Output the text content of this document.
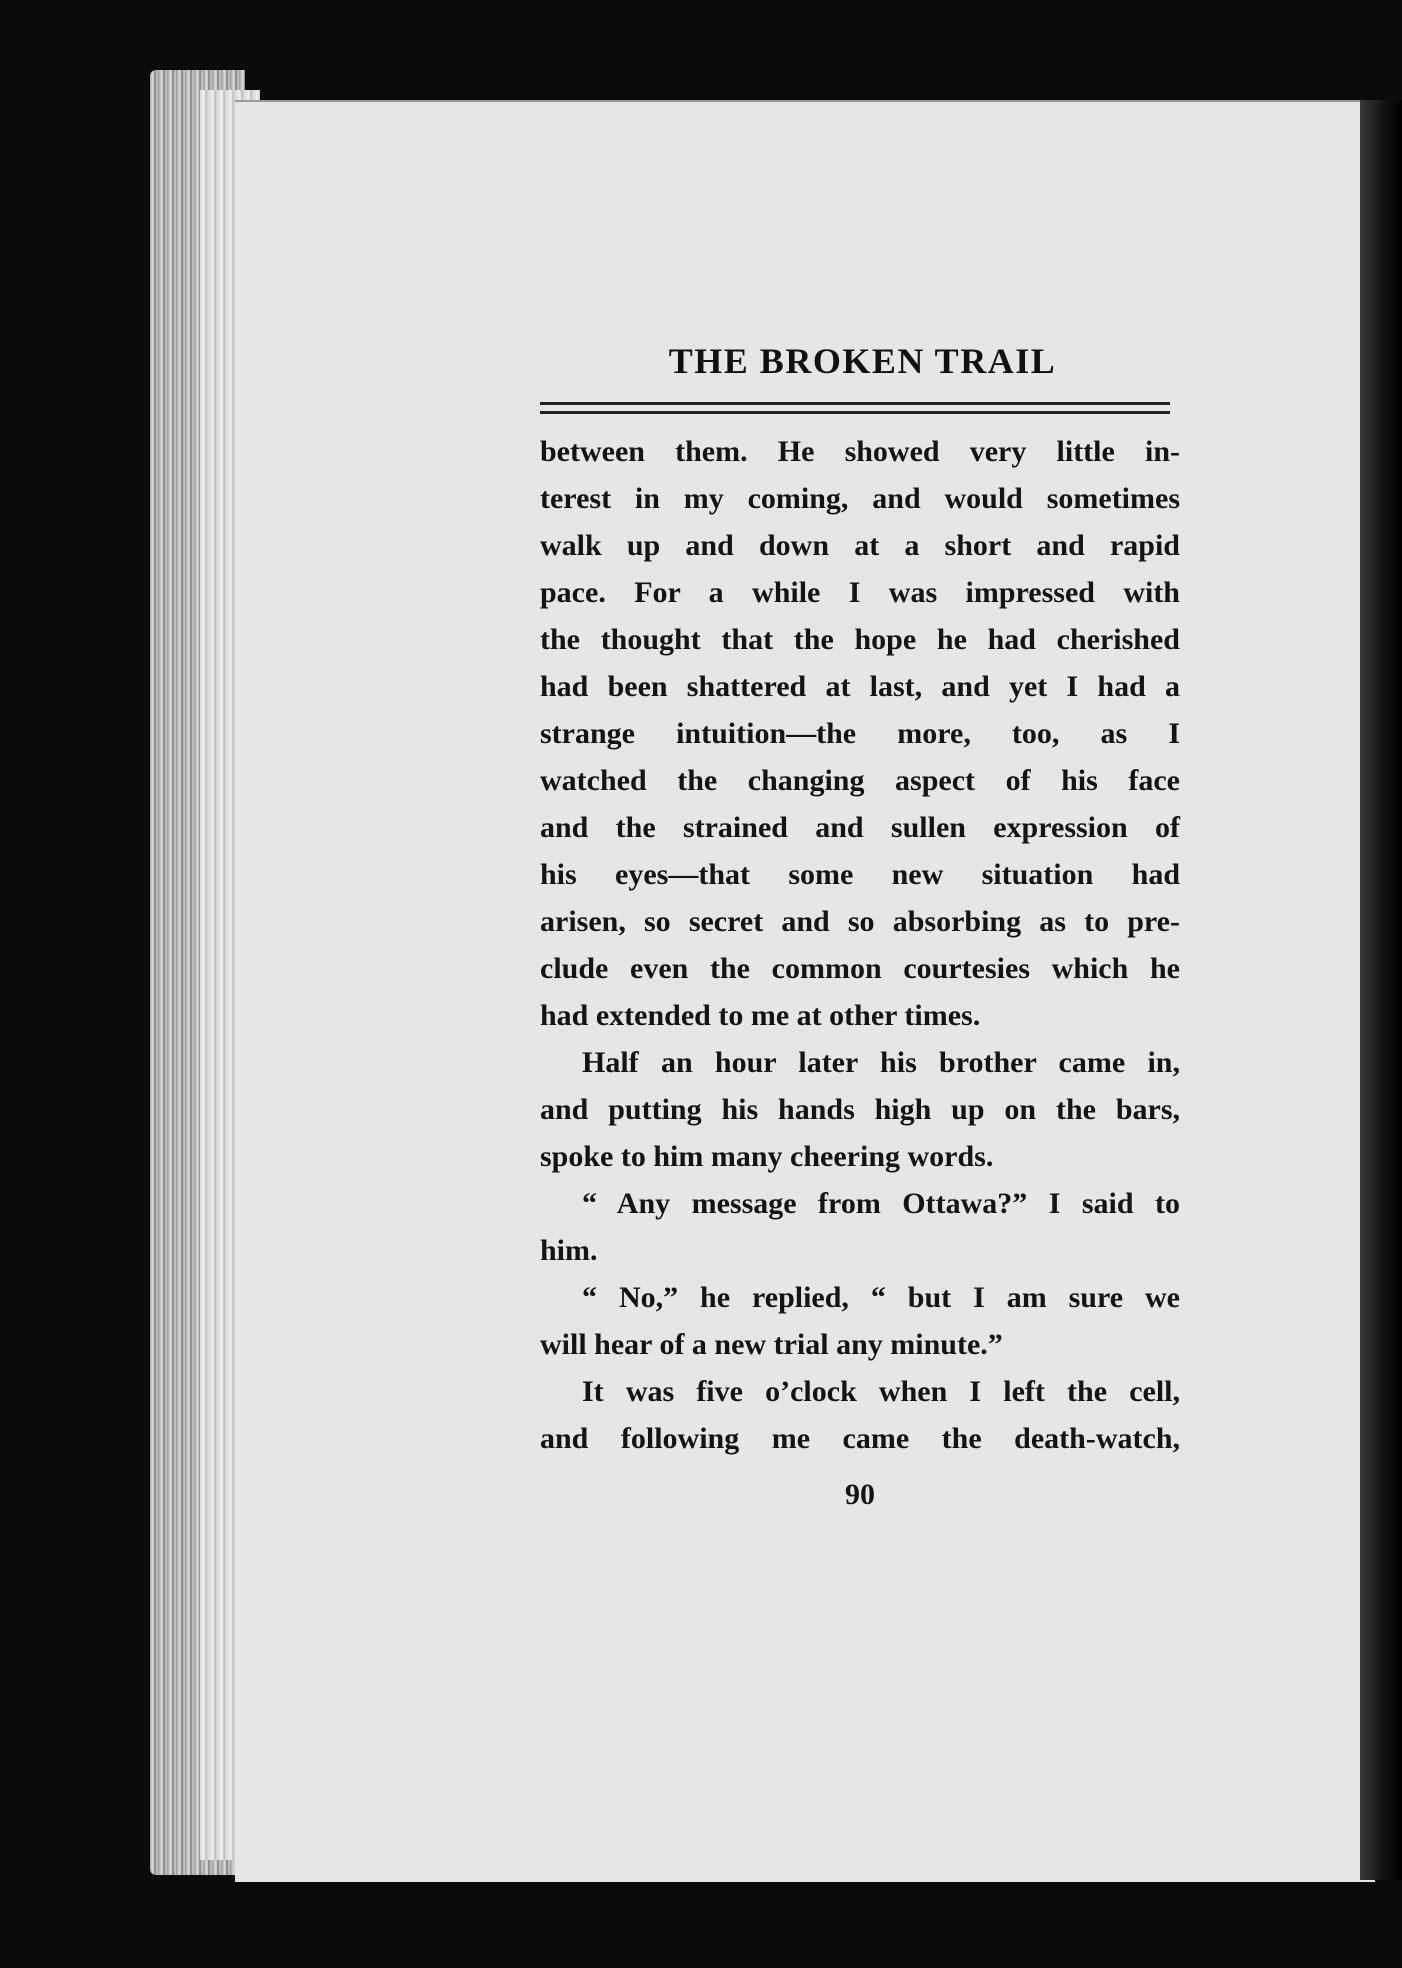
THE BROKEN TRAIL
between them. He showed very little in-
terest in my coming, and would sometimes
walk up and down at a short and rapid
pace. For a while I was impressed with
the thought that the hope he had cherished
had been shattered at last, and yet I had a
strange intuition—the more, too, as I
watched the changing aspect of his face
and the strained and sullen expression of
his eyes—that some new situation had
arisen, so secret and so absorbing as to pre-
clude even the common courtesies which he
had extended to me at other times.
Half an hour later his brother came in,
and putting his hands high up on the bars,
spoke to him many cheering words.
“ Any message from Ottawa?” I said to
him.
“ No,” he replied, “ but I am sure we
will hear of a new trial any minute.”
It was five o’clock when I left the cell,
and following me came the death-watch,
90
